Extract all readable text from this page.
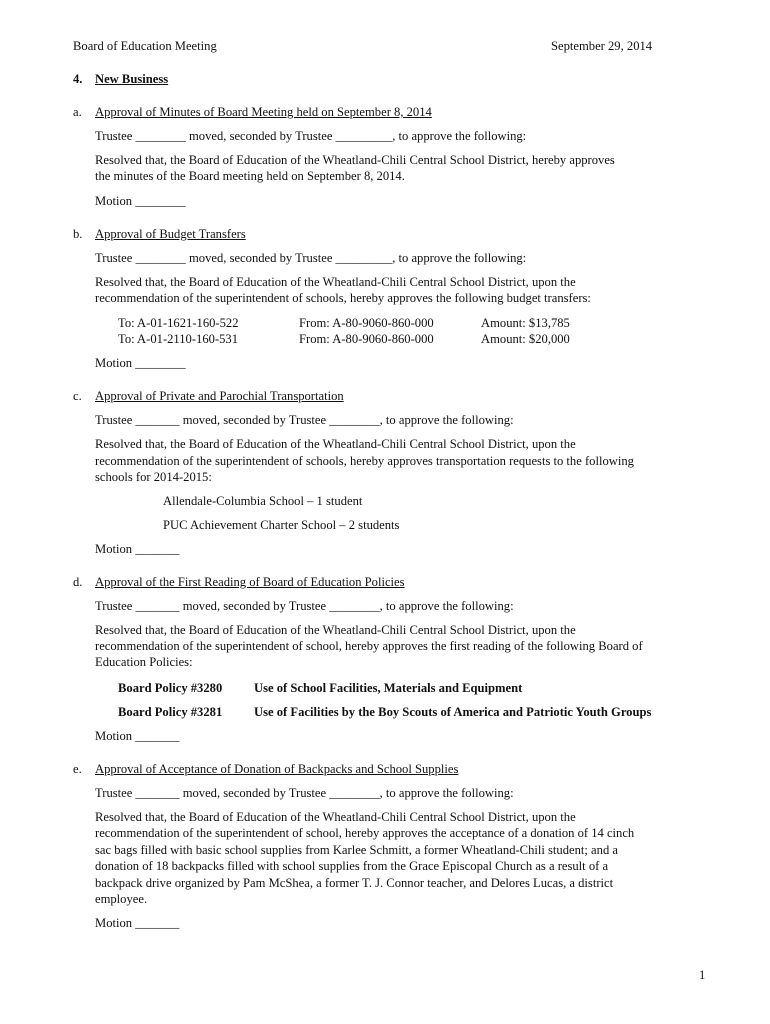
Board of Education Meeting	September 29, 2014
4. New Business
a. Approval of Minutes of Board Meeting held on September 8, 2014
Trustee ________ moved, seconded by Trustee _________, to approve the following:
Resolved that, the Board of Education of the Wheatland-Chili Central School District, hereby approves
the minutes of the Board meeting held on September 8, 2014.
Motion ________
b. Approval of Budget Transfers
Trustee ________ moved, seconded by Trustee _________, to approve the following:
Resolved that, the Board of Education of the Wheatland-Chili Central School District, upon the
recommendation of the superintendent of schools, hereby approves the following budget transfers:
To: A-01-1621-160-522	From: A-80-9060-860-000	Amount: $13,785
To: A-01-2110-160-531	From: A-80-9060-860-000	Amount: $20,000
Motion ________
c. Approval of Private and Parochial Transportation
Trustee _______ moved, seconded by Trustee ________, to approve the following:
Resolved that, the Board of Education of the Wheatland-Chili Central School District, upon the
recommendation of the superintendent of schools, hereby approves transportation requests to the following
schools for 2014-2015:
Allendale-Columbia School – 1 student
PUC Achievement Charter School – 2 students
Motion _______
d. Approval of the First Reading of Board of Education Policies
Trustee _______ moved, seconded by Trustee ________, to approve the following:
Resolved that, the Board of Education of the Wheatland-Chili Central School District, upon the
recommendation of the superintendent of school, hereby approves the first reading of the following Board of
Education Policies:
Board Policy #3280	Use of School Facilities, Materials and Equipment
Board Policy #3281	Use of Facilities by the Boy Scouts of America and Patriotic Youth Groups
Motion _______
e. Approval of Acceptance of Donation of Backpacks and School Supplies
Trustee _______ moved, seconded by Trustee ________, to approve the following:
Resolved that, the Board of Education of the Wheatland-Chili Central School District, upon the
recommendation of the superintendent of school, hereby approves the acceptance of a donation of 14 cinch
sac bags filled with basic school supplies from Karlee Schmitt, a former Wheatland-Chili student; and a
donation of 18 backpacks filled with school supplies from the Grace Episcopal Church as a result of a
backpack drive organized by Pam McShea, a former T. J. Connor teacher, and Delores Lucas, a district
employee.
Motion _______
1
